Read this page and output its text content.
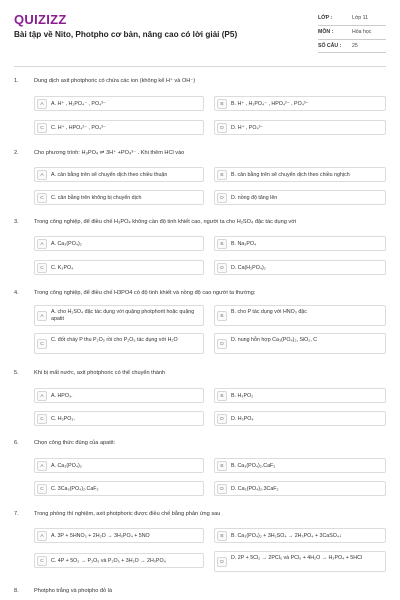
QUIZIZZ
Bài tập về Nito, Photpho cơ bản, nâng cao có lời giải (P5)
LỚP :	Lớp 11
MÔN :	Hóa học
SỐ CÂU :	25
1.	Dung dịch axit photphoric có chứa các ion (không kể H⁺ và OH⁻)
A	A. H⁺ , H₂PO₄⁻ , PO₄³⁻	B	B. H⁺ , H₂PO₄⁻ , HPO₄²⁻ , PO₄³⁻
C	C. H⁺ , HPO₄²⁻ , PO₄³⁻	D	D. H⁺ , PO₄³⁻
2.	Cho phương trình: H₃PO₄ ⇌ 3H⁺ +PO₄³⁻ . Khi thêm HCl vào
A	A. cân bằng trên sẽ chuyển dịch theo chiều thuận	B	B. cân bằng trên sẽ chuyển dịch theo chiều nghịch
C	C. cân bằng trên không bị chuyển dịch	D	D. nồng độ tăng lên
3.	Trong công nghiệp, để điều chế H₃PO₄ không cần độ tinh khiết cao, người ta cho H₂SO₄ đặc tác dụng với
A	A. Ca₃(PO₄)₂	B	B. Na₃PO₄
C	C. K₃PO₄	D	D. Ca(H₂PO₄)₂
4.	Trong công nghiệp, để điều chế H3PO4 có độ tinh khiết và nồng độ cao người ta thường:
A
A. cho H₂SO₄ đặc tác dụng với quặng photphorit hoặc quặng apatit	B
B. cho P tác dụng với HNO₃ đặc
C
C. đốt cháy P thu P₂O₅ rồi cho P₂O₅ tác dụng với H₂O
D
D. nung hỗn hợp Ca₃(PO₄)₂, SiO₂, C
5.	Khi bị mất nước, axit photphoric có thể chuyển thành
A	A. HPO₃.	B	B. H₃PO₂
C	C. H₃PO₃.	D	D. H₃PO₄
6.	Chọn công thức đúng của apatit:
A	A. Ca₃(PO₄)₂	B	B. Ca₃(PO₄)₂.CaF₂
C	C. 3Ca₃(PO₄)₂.CaF₂	D	D. Ca₃(PO₄)₂.3CaF₂
7.	Trong phòng thí nghiệm, axit photphoric được điều chế bằng phản ứng sau
A	A. 3P + 5HNO₃ + 2H₂O → 3H₃PO₄ + 5NO	B	B. Ca₃(PO₄)₂ + 3H₂SO₄ → 2H₃PO₄ + 3CaSO₄↓
C	C. 4P + 5O₂ → P₂O₅ và P₂O₅ + 3H₂O → 2H₃PO₄	D
D. 2P + 5Cl₂ → 2PCl₅ và PCl₅ + 4H₂O → H₃PO₄ + 5HCl
8.	Photpho trắng và photpho đỏ là
